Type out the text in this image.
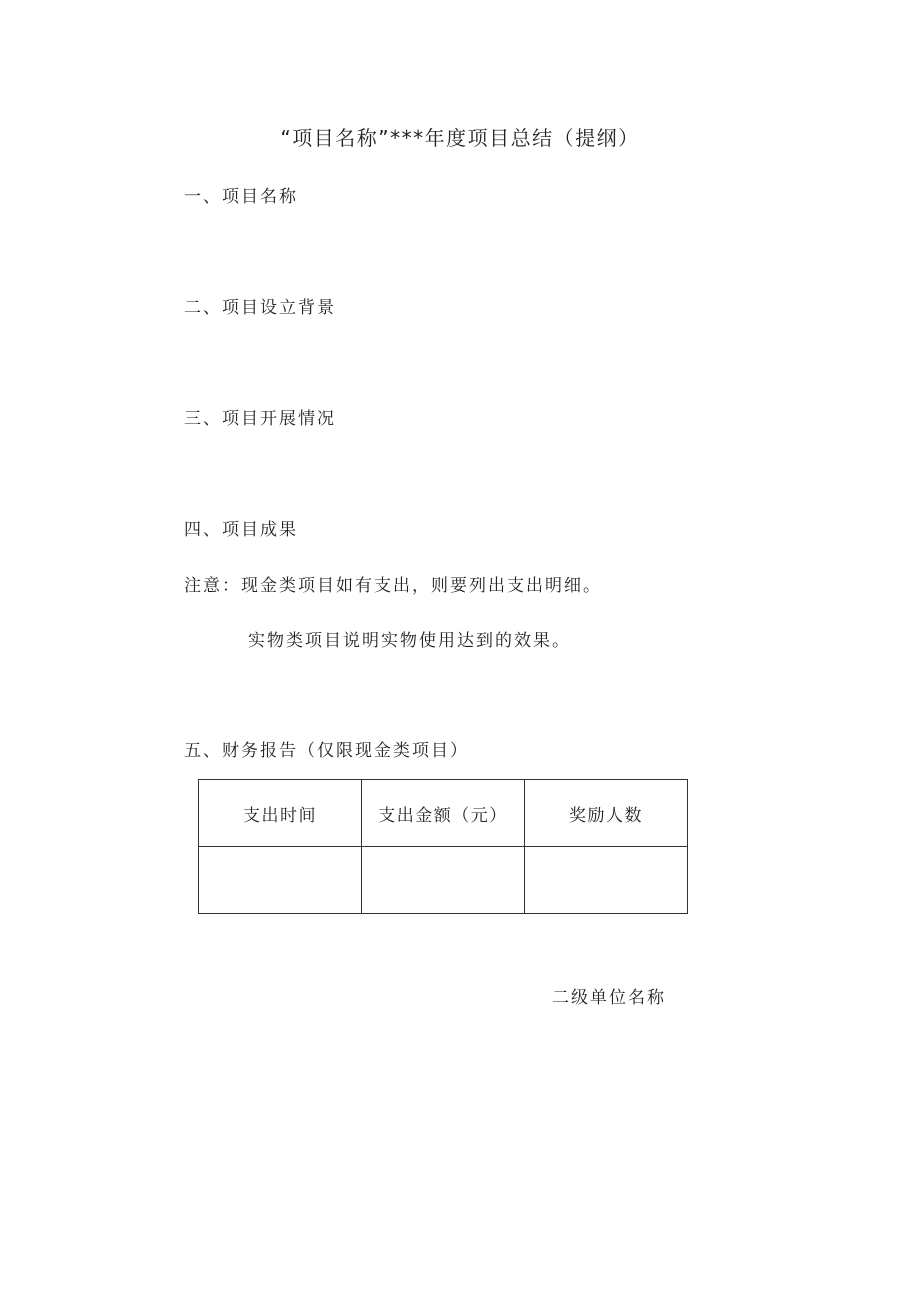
“项目名称”***年度项目总结（提纲）
一、项目名称
二、项目设立背景
三、项目开展情况
四、项目成果

注意：现金类项目如有支出，则要列出支出明细。

实物类项目说明实物使用达到的效果。

五、财务报告（仅限现金类项目）
支出时间	支出金额（元）	奖励人数

二级单位名称
